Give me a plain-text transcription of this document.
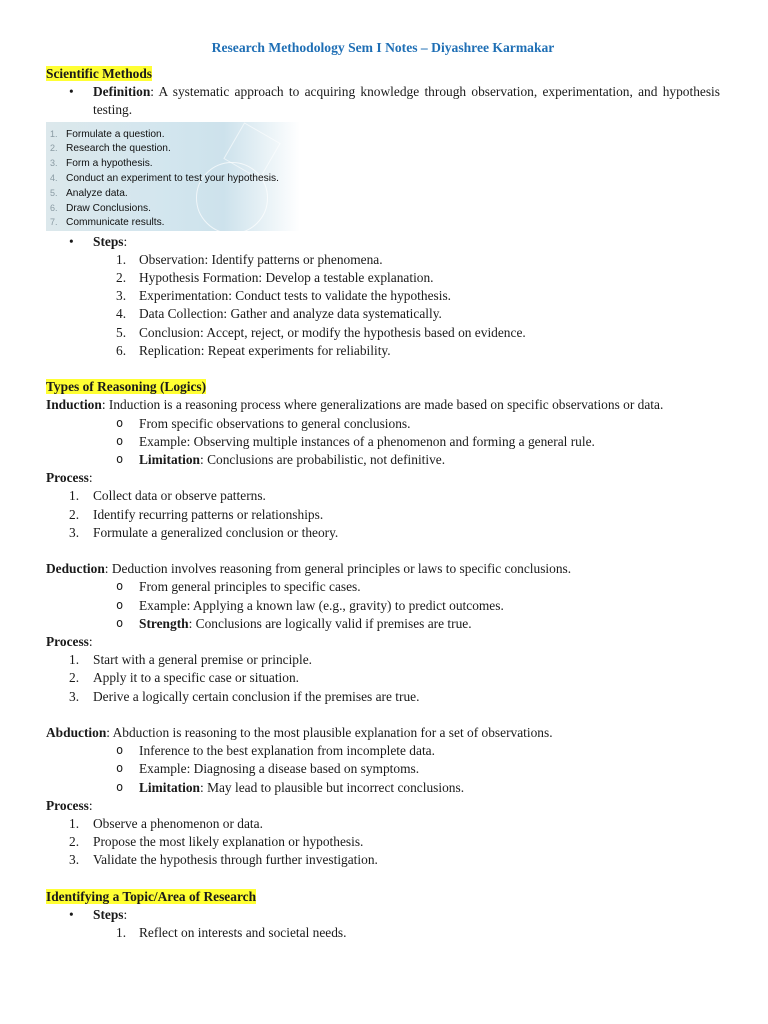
Research Methodology Sem I Notes – Diyashree Karmakar
Scientific Methods
• Definition: A systematic approach to acquiring knowledge through observation, experimentation, and hypothesis testing.
1. Formulate a question.
2. Research the question.
3. Form a hypothesis.
4. Conduct an experiment to test your hypothesis.
5. Analyze data.
6. Draw Conclusions.
7. Communicate results.
• Steps:
1. Observation: Identify patterns or phenomena.
2. Hypothesis Formation: Develop a testable explanation.
3. Experimentation: Conduct tests to validate the hypothesis.
4. Data Collection: Gather and analyze data systematically.
5. Conclusion: Accept, reject, or modify the hypothesis based on evidence.
6. Replication: Repeat experiments for reliability.
Types of Reasoning (Logics)
Induction: Induction is a reasoning process where generalizations are made based on specific observations or data.
o From specific observations to general conclusions.
o Example: Observing multiple instances of a phenomenon and forming a general rule.
o Limitation: Conclusions are probabilistic, not definitive.
Process:
1.	Collect data or observe patterns.
2.	Identify recurring patterns or relationships.
3.	Formulate a generalized conclusion or theory.
Deduction: Deduction involves reasoning from general principles or laws to specific conclusions.
o From general principles to specific cases.
o Example: Applying a known law (e.g., gravity) to predict outcomes.
o Strength: Conclusions are logically valid if premises are true.
Process:
1.	Start with a general premise or principle.
2.	Apply it to a specific case or situation.
3.	Derive a logically certain conclusion if the premises are true.
Abduction: Abduction is reasoning to the most plausible explanation for a set of observations.
o Inference to the best explanation from incomplete data.
o Example: Diagnosing a disease based on symptoms.
o Limitation: May lead to plausible but incorrect conclusions.
Process:
1.	Observe a phenomenon or data.
2.	Propose the most likely explanation or hypothesis.
3.	Validate the hypothesis through further investigation.
Identifying a Topic/Area of Research
• Steps:
1. Reflect on interests and societal needs.
